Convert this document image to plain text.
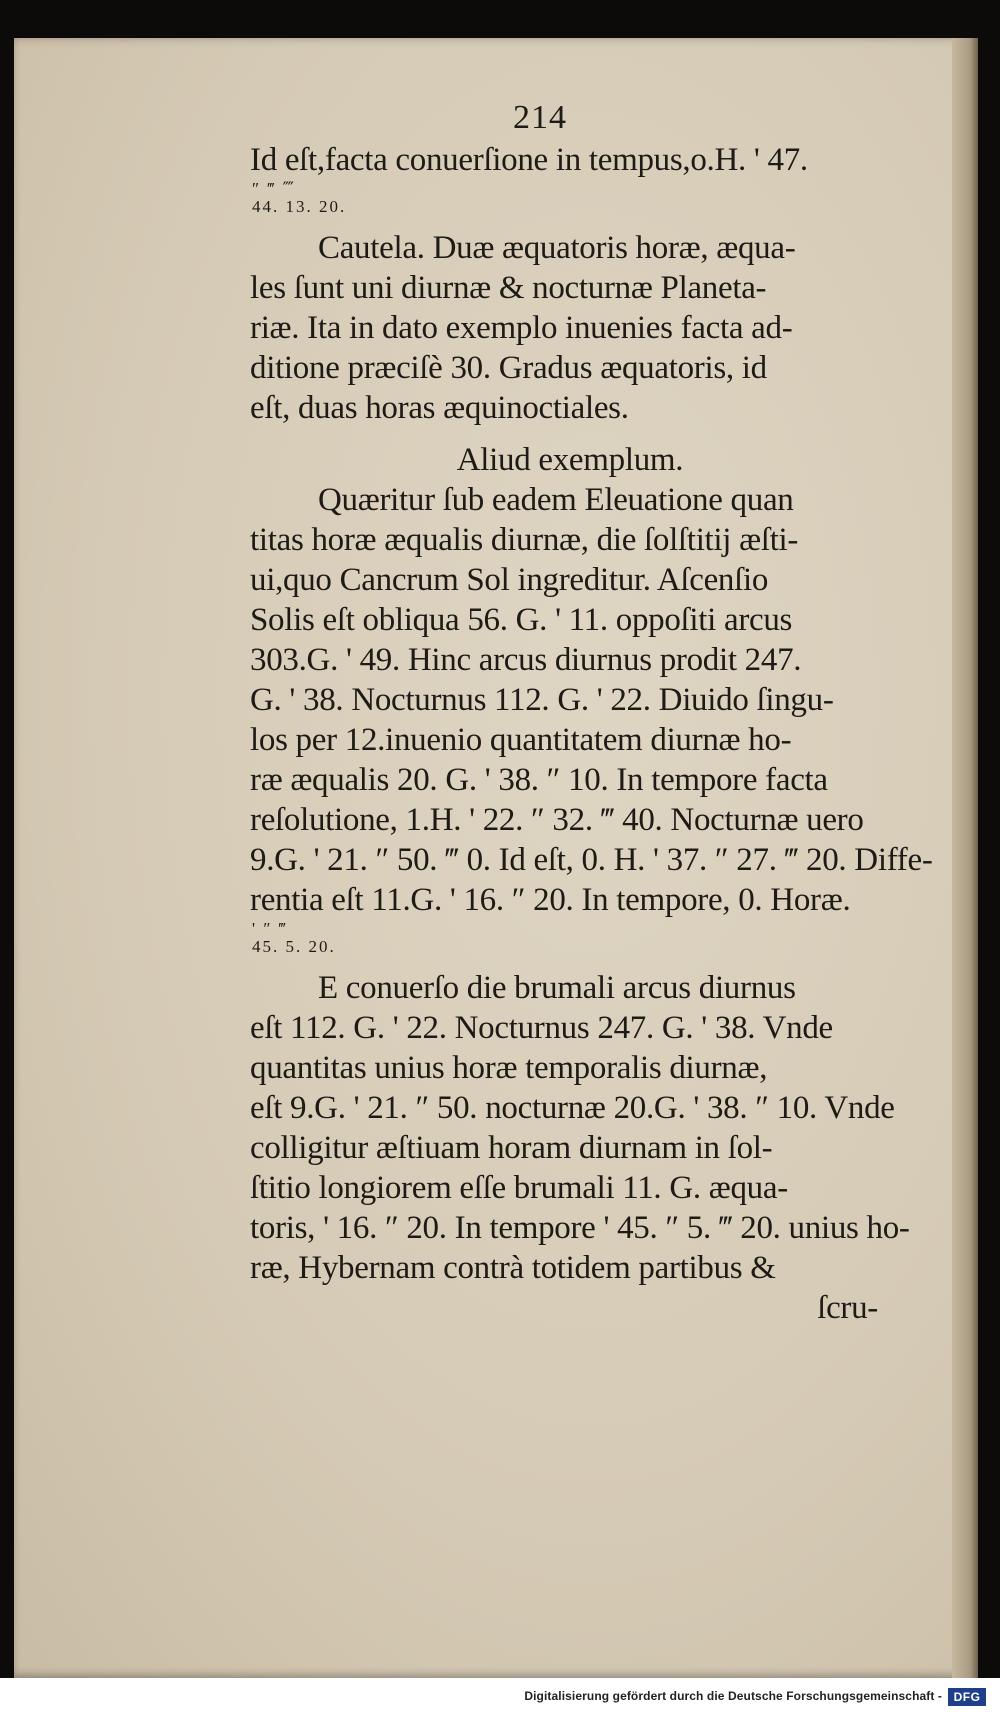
214
Id eſt,facta conuerſione in tempus,o.H. ' 47.
″ ‴ ⁗
44. 13. 20.
Cautela. Duæ æquatoris horæ, æqua-
les ſunt uni diurnæ & nocturnæ Planeta-
riæ. Ita in dato exemplo inuenies facta ad-
ditione præciſè 30. Gradus æquatoris, id
eſt, duas horas æquinoctiales.
Aliud exemplum.
Quæritur ſub eadem Eleuatione quan
titas horæ æqualis diurnæ, die ſolſtitij æſti-
ui,quo Cancrum Sol ingreditur. Aſcenſio
Solis eſt obliqua 56. G. ' 11. oppoſiti arcus
303.G. ' 49. Hinc arcus diurnus prodit 247.
G. ' 38. Nocturnus 112. G. ' 22. Diuido ſingu-
los per 12.inuenio quantitatem diurnæ ho-
ræ æqualis 20. G. ' 38. ″ 10. In tempore facta
reſolutione, 1.H. ' 22. ″ 32. ‴ 40. Nocturnæ uero
9.G. ' 21. ″ 50. ‴ 0. Id eſt, 0. H. ' 37. ″ 27. ‴ 20. Diffe-
rentia eſt 11.G. ' 16. ″ 20. In tempore, 0. Horæ.
' ″ ‴
45. 5. 20.
E conuerſo die brumali arcus diurnus
eſt 112. G. ' 22. Nocturnus 247. G. ' 38. Vnde
quantitas unius horæ temporalis diurnæ,
eſt 9.G. ' 21. ″ 50. nocturnæ 20.G. ' 38. ″ 10. Vnde
colligitur æſtiuam horam diurnam in ſol-
ſtitio longiorem eſſe brumali 11. G. æqua-
toris, ' 16. ″ 20. In tempore ' 45. ″ 5. ‴ 20. unius ho-
ræ, Hybernam contrà totidem partibus &
ſcru-
Digitalisierung gefördert durch die Deutsche Forschungsgemeinschaft - DFG
